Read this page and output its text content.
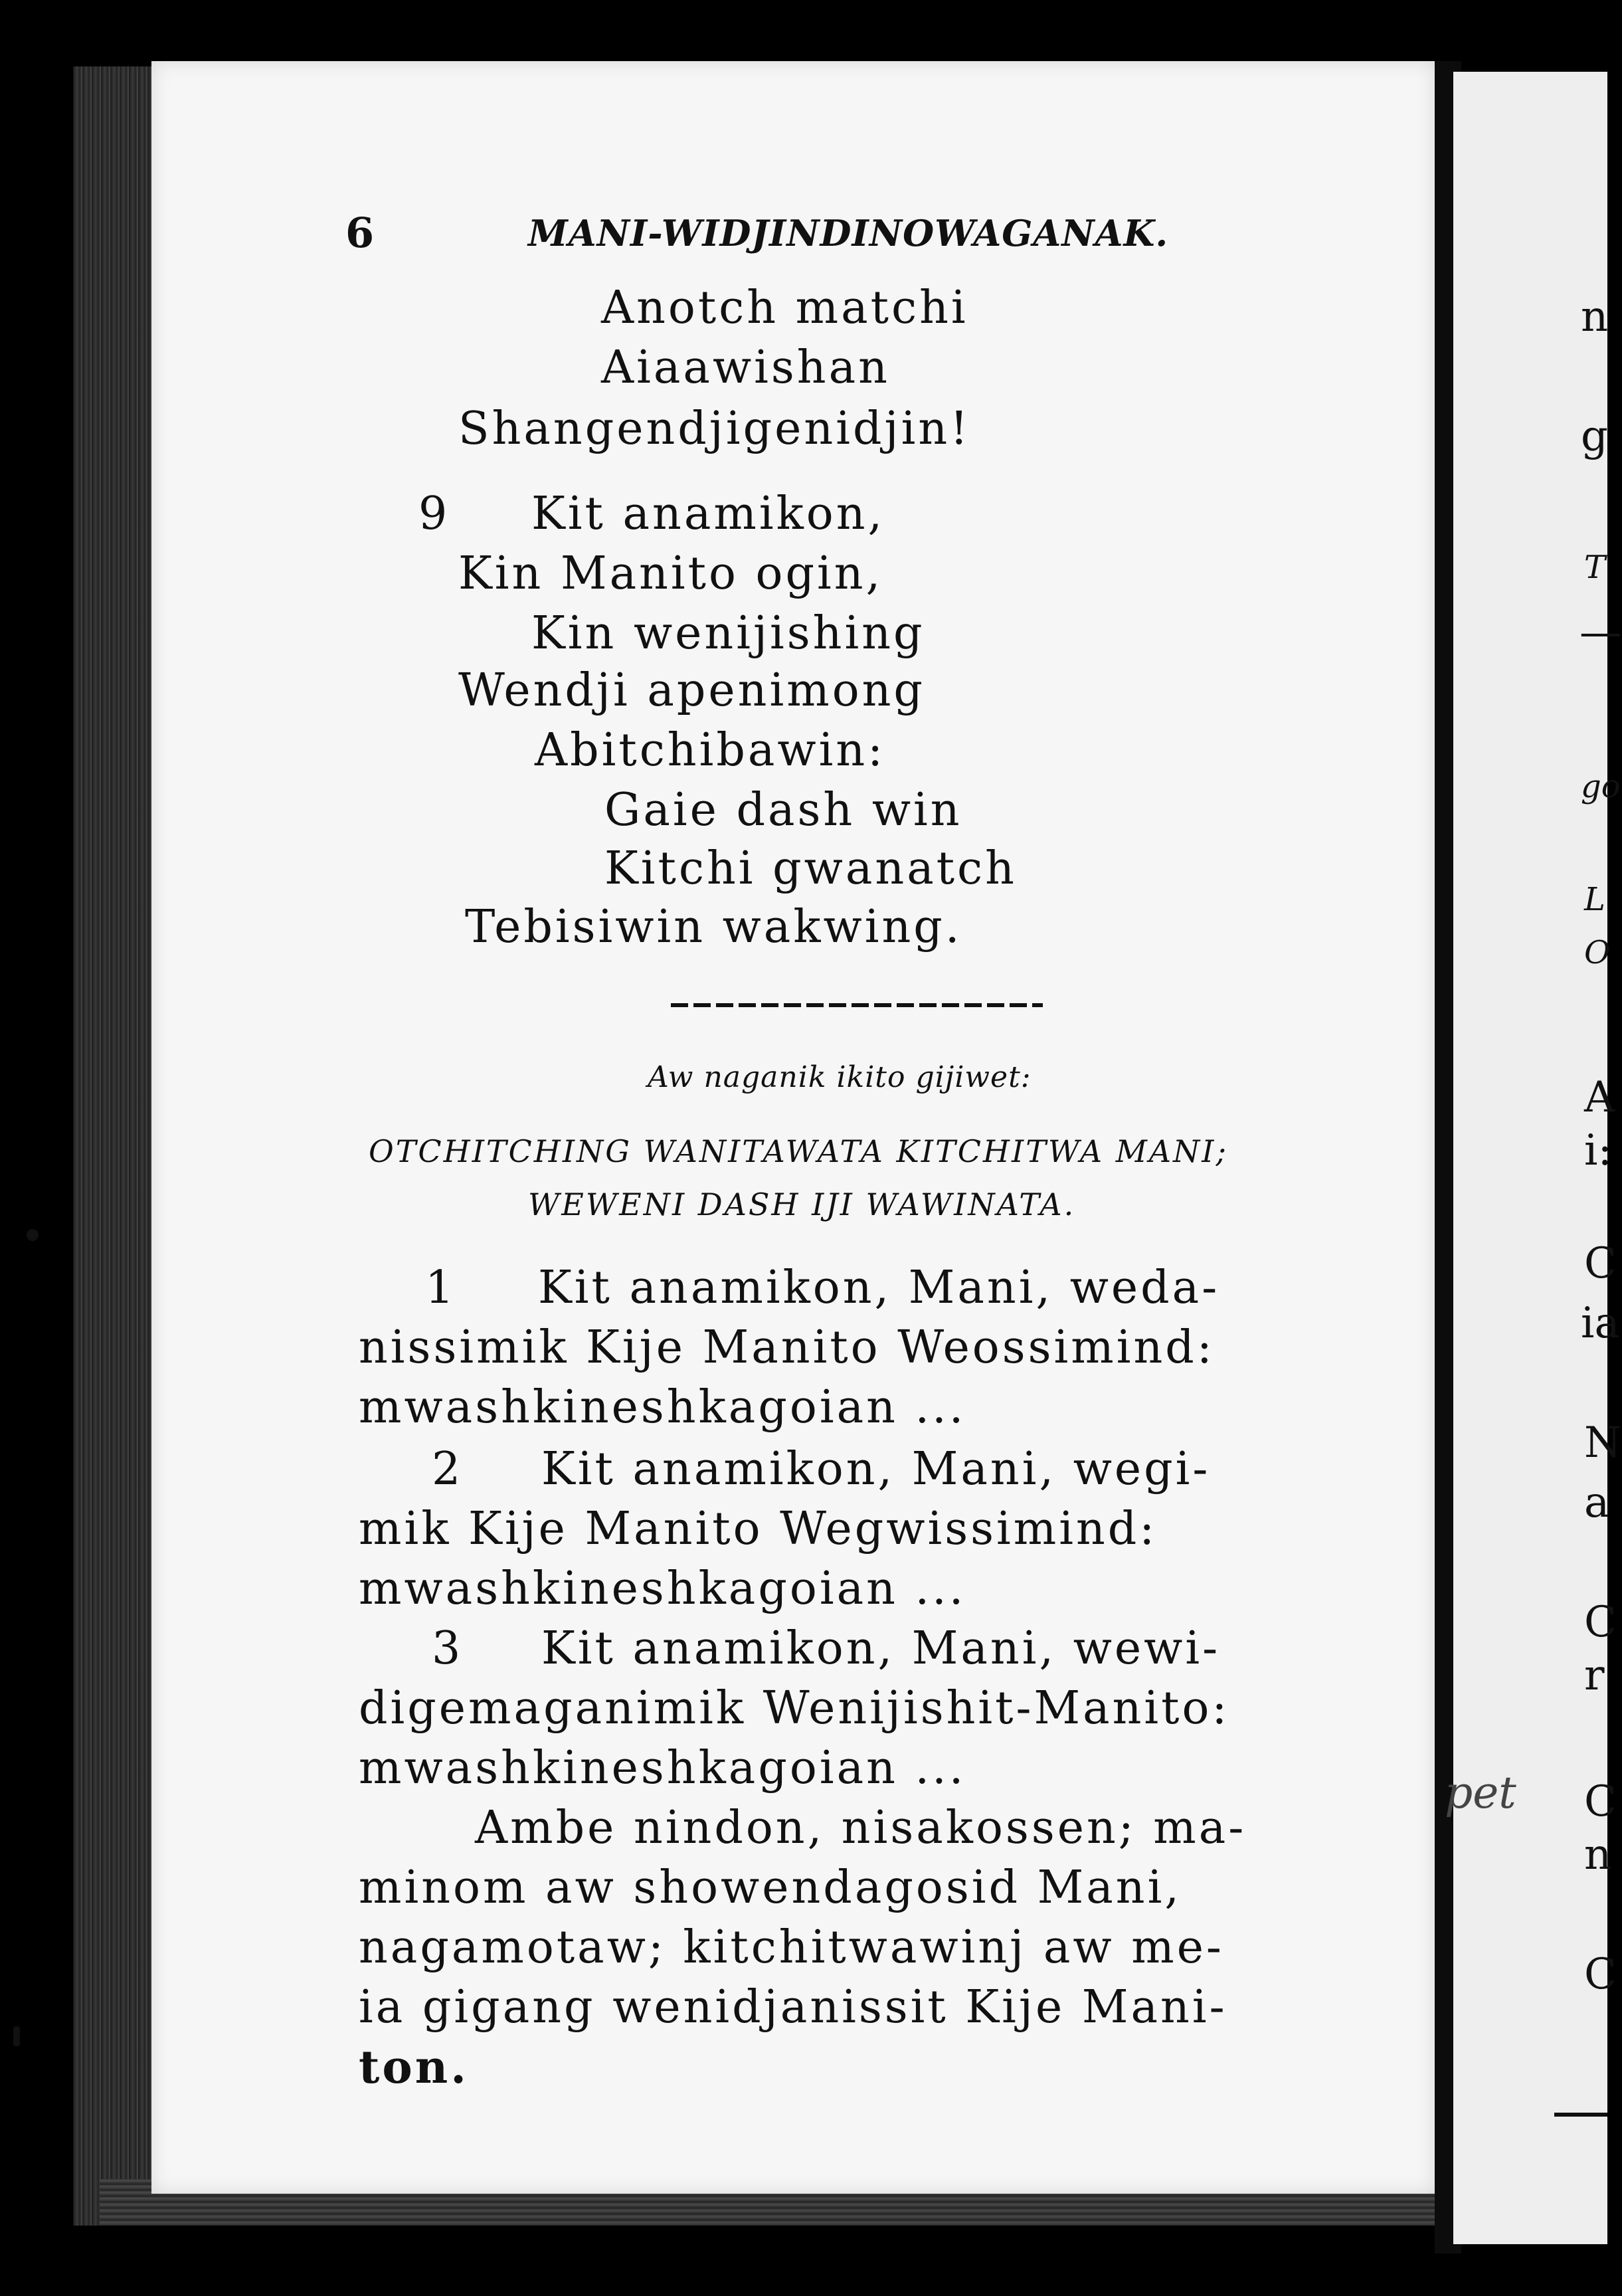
6	MANI-WIDJINDINOWAGANAK.
Anotch matchi
Aiaawishan
Shangendjigenidjin!
9 Kit anamikon,
Kin Manito ogin,
Kin wenijishing
Wendji apenimong
Abitchibawin:
Gaie dash win
Kitchi gwanatch
Tebisiwin wakwing.
Aw naganik ikito gijiwet:
OTCHITCHING WANITAWATA KITCHITWA MANI;
WEWENI DASH IJI WAWINATA.
1 Kit anamikon, Mani, weda-
nissimik Kije Manito Weossimind:
mwashkineshkagoian ...
2 Kit anamikon, Mani, wegi-
mik Kije Manito Wegwissimind:
mwashkineshkagoian ...
3 Kit anamikon, Mani, wewi-
digemaganimik Wenijishit-Manito:
mwashkineshkagoian ...
Ambe nindon, nisakossen; ma-
minom aw showendagosid Mani,
nagamotaw; kitchitwawinj aw me-
ia gigang wenidjanissit Kije Mani-
ton.
pet
n
g
T
—
go
L
O
A
i:
C
ia
N
a
C
r
C
n
C
